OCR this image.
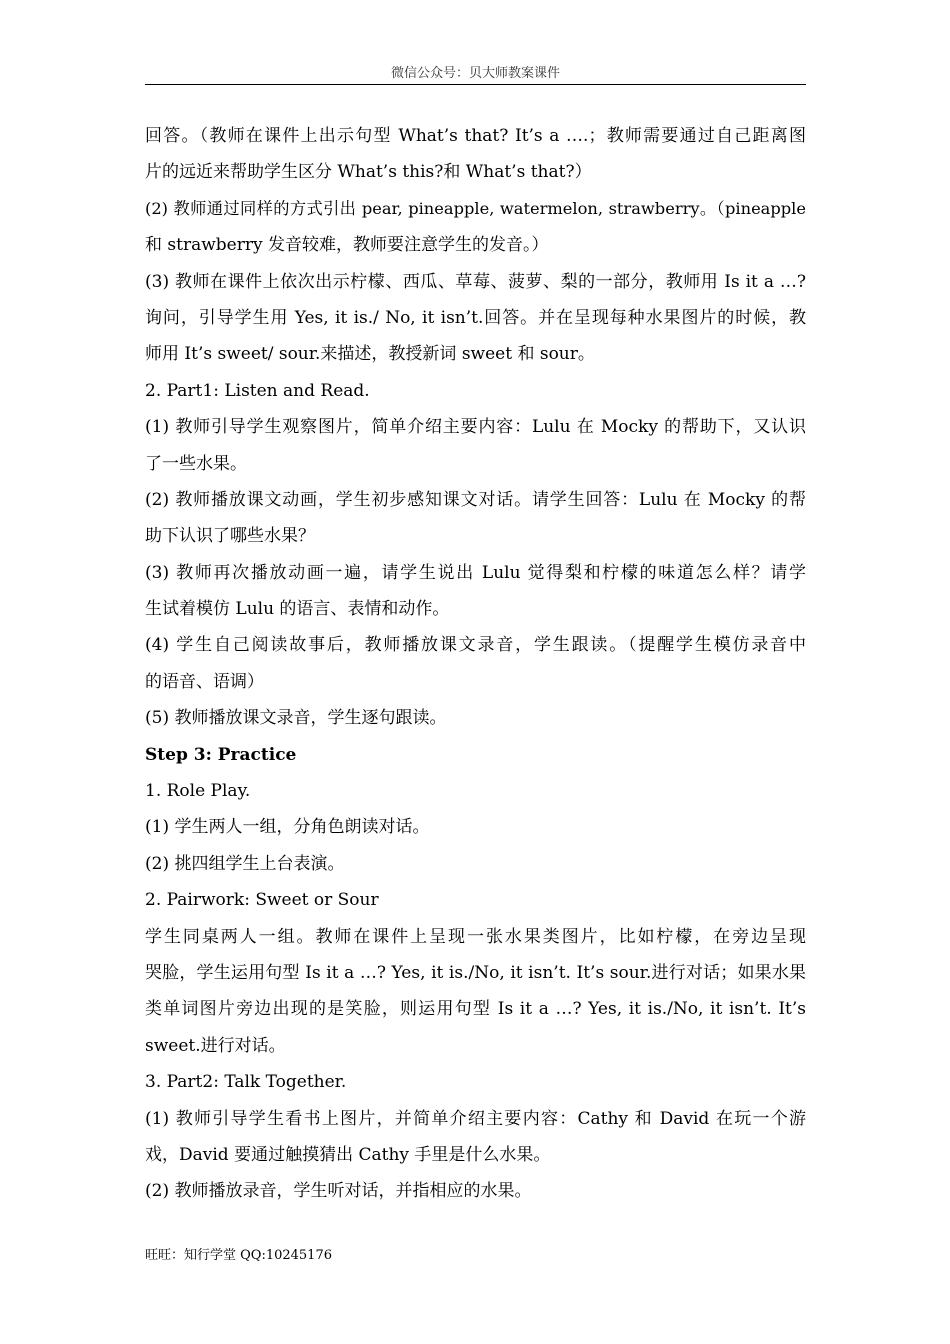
微信公众号：贝大师教案课件
回答。（教师在课件上出示句型 What’s that? It’s a ….；教师需要通过自己距离图
片的远近来帮助学生区分 What’s this?和 What’s that?）
(2) 教师通过同样的方式引出 pear, pineapple, watermelon, strawberry。（pineapple
和 strawberry 发音较难，教师要注意学生的发音。）
(3) 教师在课件上依次出示柠檬、西瓜、草莓、菠萝、梨的一部分，教师用 Is it a …?
询问，引导学生用 Yes, it is./ No, it isn’t.回答。并在呈现每种水果图片的时候，教
师用 It’s sweet/ sour.来描述，教授新词 sweet 和 sour。
2. Part1: Listen and Read.
(1) 教师引导学生观察图片，简单介绍主要内容：Lulu 在 Mocky 的帮助下，又认识
了一些水果。
(2) 教师播放课文动画，学生初步感知课文对话。请学生回答：Lulu 在 Mocky 的帮
助下认识了哪些水果？
(3) 教师再次播放动画一遍，请学生说出 Lulu 觉得梨和柠檬的味道怎么样？请学
生试着模仿 Lulu 的语言、表情和动作。
(4) 学生自己阅读故事后，教师播放课文录音，学生跟读。（提醒学生模仿录音中
的语音、语调）
(5) 教师播放课文录音，学生逐句跟读。
Step 3: Practice
1. Role Play.
(1) 学生两人一组，分角色朗读对话。
(2) 挑四组学生上台表演。
2. Pairwork: Sweet or Sour
学生同桌两人一组。教师在课件上呈现一张水果类图片，比如柠檬，在旁边呈现
哭脸，学生运用句型 Is it a …? Yes, it is./No, it isn’t. It’s sour.进行对话；如果水果
类单词图片旁边出现的是笑脸，则运用句型 Is it a …? Yes, it is./No, it isn’t. It’s
sweet.进行对话。
3. Part2: Talk Together.
(1) 教师引导学生看书上图片，并简单介绍主要内容：Cathy 和 David 在玩一个游
戏，David 要通过触摸猜出 Cathy 手里是什么水果。
(2) 教师播放录音，学生听对话，并指相应的水果。
旺旺：知行学堂 QQ:10245176
